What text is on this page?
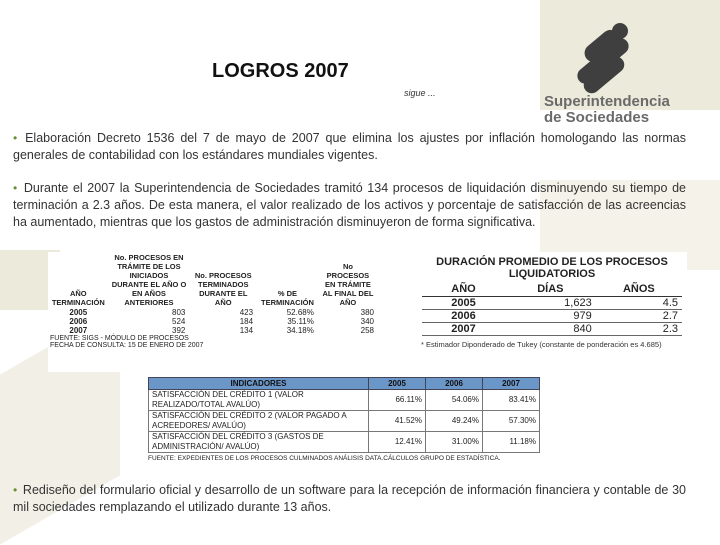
LOGROS 2007
sigue ...	Superintendencia
de Sociedades
• Elaboración Decreto 1536 del 7 de mayo de 2007 que elimina los ajustes por inflación homologando las normas generales de contabilidad con los estándares mundiales vigentes.
• Durante el 2007 la Superintendencia de Sociedades tramitó 134 procesos de liquidación disminuyendo su tiempo de terminación a 2.3 años. De esta manera, el valor realizado de los activos y porcentaje de satisfacción de las acreencias ha aumentado, mientras que los gastos de administración disminuyeron de forma significativa.
AÑO TERMINACIÓN	No. PROCESOS EN TRÁMITE DE LOS INICIADOS DURANTE EL AÑO O EN AÑOS ANTERIORES	No. PROCESOS TERMINADOS DURANTE EL AÑO	% DE TERMINACIÓN	No PROCESOS EN TRÁMITE AL FINAL DEL AÑO
2005	803	423	52.68%	380
2006	524	184	35.11%	340
2007	392	134	34.18%	258
FUENTE: SIGS - MÓDULO DE PROCESOS				
FECHA DE CONSULTA: 15 DE ENERO DE 2007				
DURACIÓN PROMEDIO DE LOS PROCESOS LIQUIDATORIOS
AÑO	DÍAS	AÑOS
2005	1,623	4.5
2006	979	2.7
2007	840	2.3
* Estimador Diponderado de Tukey (constante de ponderación es 4.685)
INDICADORES	2005	2006	2007
SATISFACCIÓN DEL CRÉDITO 1 (VALOR REALIZADO/TOTAL AVALÚO)	66.11%	54.06%	83.41%
SATISFACCIÓN DEL CRÉDITO 2 (VALOR PAGADO A ACREEDORES/ AVALÚO)	41.52%	49.24%	57.30%
SATISFACCIÓN DEL CRÉDITO 3 (GASTOS DE ADMINISTRACIÓN/ AVALÚO)	12.41%	31.00%	11.18%
FUENTE: EXPEDIENTES DE LOS PROCESOS CULMINADOS ANÁLISIS DATA.CÁLCULOS GRUPO DE ESTADÍSTICA.
• Rediseño del formulario oficial y desarrollo de un software para la recepción de información financiera y contable de 30 mil sociedades remplazando el utilizado durante 13 años.
